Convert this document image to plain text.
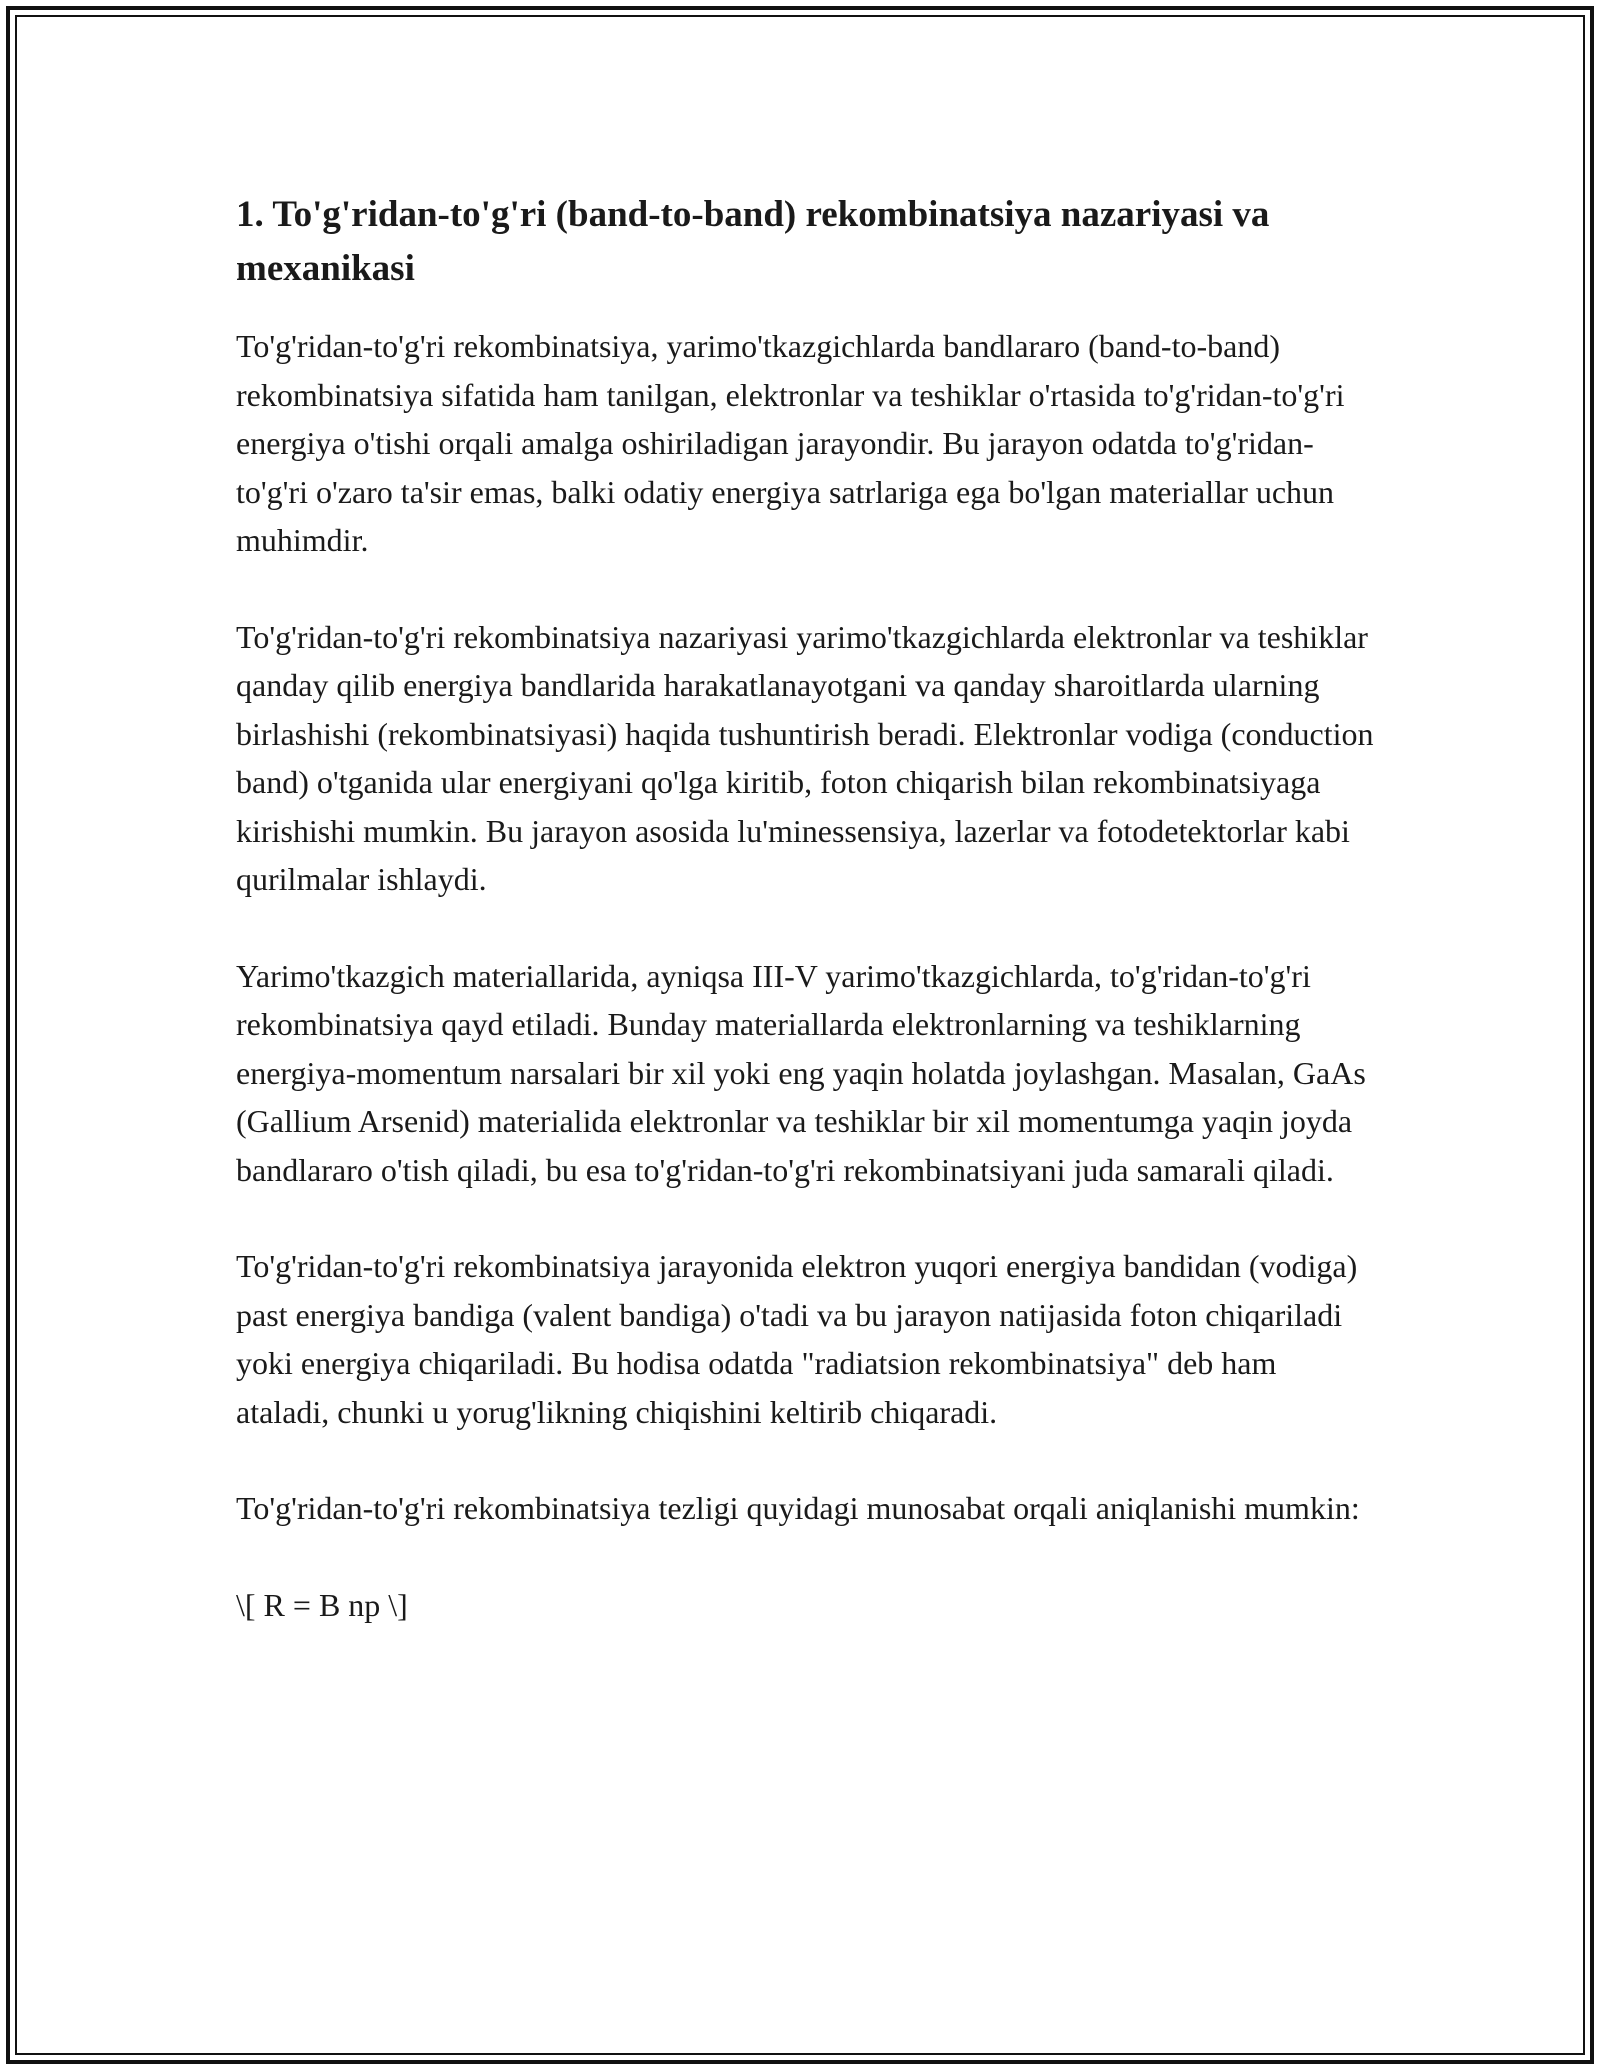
1. To'g'ridan-to'g'ri (band-to-band) rekombinatsiya nazariyasi va mexanikasi

To'g'ridan-to'g'ri rekombinatsiya, yarimo'tkazgichlarda bandlararo (band-to-band) rekombinatsiya sifatida ham tanilgan, elektronlar va teshiklar o'rtasida to'g'ridan-to'g'ri energiya o'tishi orqali amalga oshiriladigan jarayondir. Bu jarayon odatda to'g'ridan-to'g'ri o'zaro ta'sir emas, balki odatiy energiya satrlariga ega bo'lgan materiallar uchun muhimdir.

To'g'ridan-to'g'ri rekombinatsiya nazariyasi yarimo'tkazgichlarda elektronlar va teshiklar qanday qilib energiya bandlarida harakatlanayotgani va qanday sharoitlarda ularning birlashishi (rekombinatsiyasi) haqida tushuntirish beradi. Elektronlar vodiga (conduction band) o'tganida ular energiyani qo'lga kiritib, foton chiqarish bilan rekombinatsiyaga kirishishi mumkin. Bu jarayon asosida lu'minessensiya, lazerlar va fotodetektorlar kabi qurilmalar ishlaydi.

Yarimo'tkazgich materiallarida, ayniqsa III-V yarimo'tkazgichlarda, to'g'ridan-to'g'ri rekombinatsiya qayd etiladi. Bunday materiallarda elektronlarning va teshiklarning energiya-momentum narsalari bir xil yoki eng yaqin holatda joylashgan. Masalan, GaAs (Gallium Arsenid) materialida elektronlar va teshiklar bir xil momentumga yaqin joyda bandlararo o'tish qiladi, bu esa to'g'ridan-to'g'ri rekombinatsiyani juda samarali qiladi.

To'g'ridan-to'g'ri rekombinatsiya jarayonida elektron yuqori energiya bandidan (vodiga) past energiya bandiga (valent bandiga) o'tadi va bu jarayon natijasida foton chiqariladi yoki energiya chiqariladi. Bu hodisa odatda "radiatsion rekombinatsiya" deb ham ataladi, chunki u yorug'likning chiqishini keltirib chiqaradi.

To'g'ridan-to'g'ri rekombinatsiya tezligi quyidagi munosabat orqali aniqlanishi mumkin:

\[ R = B np \]
